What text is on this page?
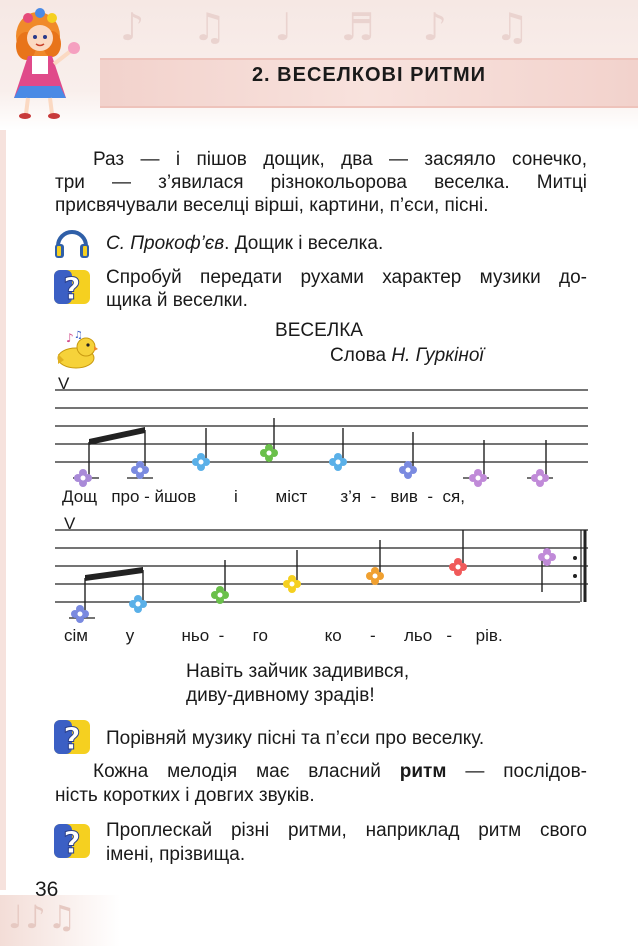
♪ ♫ ♩ ♬ ♪ ♫
2. ВЕСЕЛКОВІ РИТМИ
Раз — і пішов дощик, два — засяяло сонечко,
три — з’явилася різнокольорова веселка. Митці
присвячували веселці вірші, картини, п’єси, пісні.
С. Прокоф’єв. Дощик і веселка.
? Спробуй передати рухами характер музики до-
щика й веселки.
♪ ♫	ВЕСЕЛКА
Слова Н. Гуркіної
V
Дощ   про - йшов        і        міст       з’я  -   вив  -  ся,
V
сім        у          ньо  -      го            ко      -      льо   -     рів.
Навіть зайчик задивився,
диву-дивному зрадів!
? Порівняй музику пісні та п’єси про веселку.
Кожна мелодія має власний ритм — послідов-
ність коротких і довгих звуків.
? Проплескай різні ритми, наприклад ритм свого
імені, прізвища.
♩♪♫
36
